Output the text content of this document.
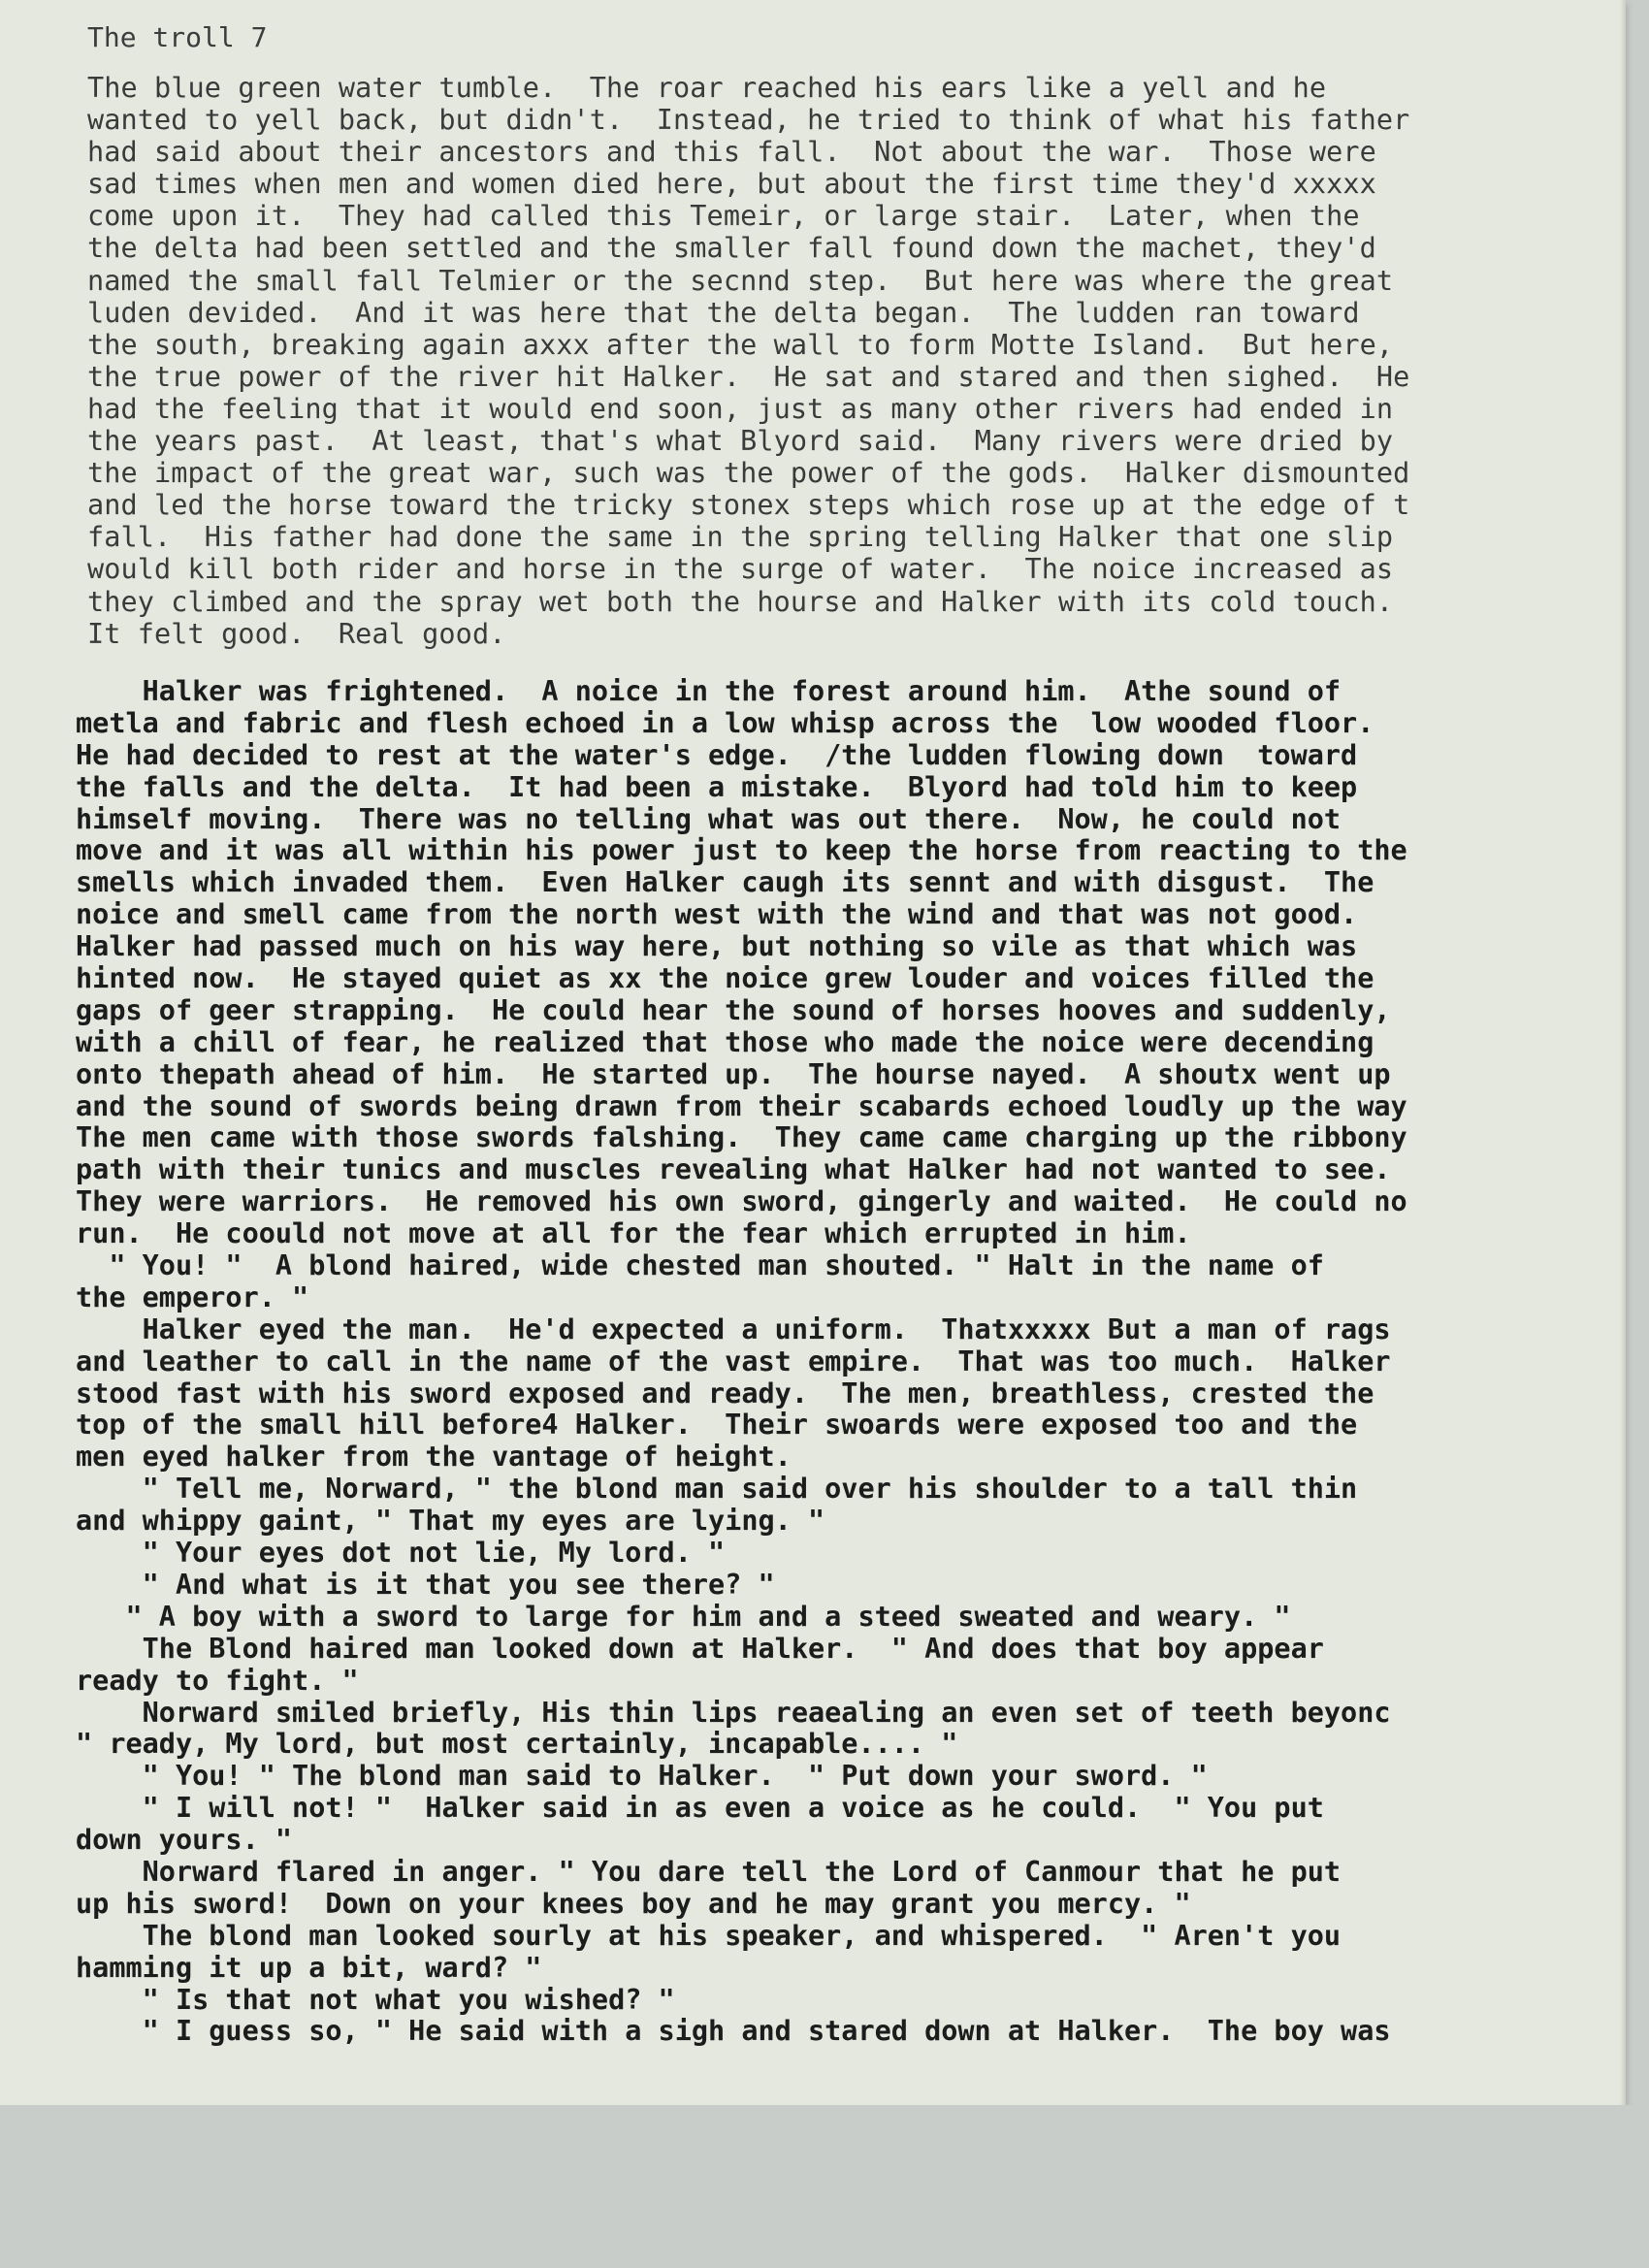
The troll 7
The blue green water tumble.  The roar reached his ears like a yell and he
wanted to yell back, but didn't.  Instead, he tried to think of what his father
had said about their ancestors and this fall.  Not about the war.  Those were
sad times when men and women died here, but about the first time they'd xxxxx
come upon it.  They had called this Temeir, or large stair.  Later, when the
the delta had been settled and the smaller fall found down the machet, they'd
named the small fall Telmier or the secnnd step.  But here was where the great
luden devided.  And it was here that the delta began.  The ludden ran toward
the south, breaking again axxx after the wall to form Motte Island.  But here,
the true power of the river hit Halker.  He sat and stared and then sighed.  He
had the feeling that it would end soon, just as many other rivers had ended in
the years past.  At least, that's what Blyord said.  Many rivers were dried by
the impact of the great war, such was the power of the gods.  Halker dismounted
and led the horse toward the tricky stonex steps which rose up at the edge of t
fall.  His father had done the same in the spring telling Halker that one slip
would kill both rider and horse in the surge of water.  The noice increased as
they climbed and the spray wet both the hourse and Halker with its cold touch.
It felt good.  Real good.
Halker was frightened.  A noice in the forest around him.  Athe sound of
metla and fabric and flesh echoed in a low whisp across the  low wooded floor.
He had decided to rest at the water's edge.  /the ludden flowing down  toward
the falls and the delta.  It had been a mistake.  Blyord had told him to keep
himself moving.  There was no telling what was out there.  Now, he could not
move and it was all within his power just to keep the horse from reacting to the
smells which invaded them.  Even Halker caugh its sennt and with disgust.  The
noice and smell came from the north west with the wind and that was not good.
Halker had passed much on his way here, but nothing so vile as that which was
hinted now.  He stayed quiet as xx the noice grew louder and voices filled the
gaps of geer strapping.  He could hear the sound of horses hooves and suddenly,
with a chill of fear, he realized that those who made the noice were decending
onto thepath ahead of him.  He started up.  The hourse nayed.  A shoutx went up
and the sound of swords being drawn from their scabards echoed loudly up the way
The men came with those swords falshing.  They came came charging up the ribbony
path with their tunics and muscles revealing what Halker had not wanted to see.
They were warriors.  He removed his own sword, gingerly and waited.  He could no
run.  He coould not move at all for the fear which errupted in him.
" You! "  A blond haired, wide chested man shouted. " Halt in the name of
the emperor. "
Halker eyed the man.  He'd expected a uniform.  Thatxxxxx But a man of rags
and leather to call in the name of the vast empire.  That was too much.  Halker
stood fast with his sword exposed and ready.  The men, breathless, crested the
top of the small hill before4 Halker.  Their swoards were exposed too and the
men eyed halker from the vantage of height.
" Tell me, Norward, " the blond man said over his shoulder to a tall thin
and whippy gaint, " That my eyes are lying. "
" Your eyes dot not lie, My lord. "
" And what is it that you see there? "
" A boy with a sword to large for him and a steed sweated and weary. "
The Blond haired man looked down at Halker.  " And does that boy appear
ready to fight. "
Norward smiled briefly, His thin lips reaealing an even set of teeth beyonc
" ready, My lord, but most certainly, incapable.... "
" You! " The blond man said to Halker.  " Put down your sword. "
" I will not! "  Halker said in as even a voice as he could.  " You put
down yours. "
Norward flared in anger. " You dare tell the Lord of Canmour that he put
up his sword!  Down on your knees boy and he may grant you mercy. "
The blond man looked sourly at his speaker, and whispered.  " Aren't you
hamming it up a bit, ward? "
" Is that not what you wished? "
" I guess so, " He said with a sigh and stared down at Halker.  The boy was
